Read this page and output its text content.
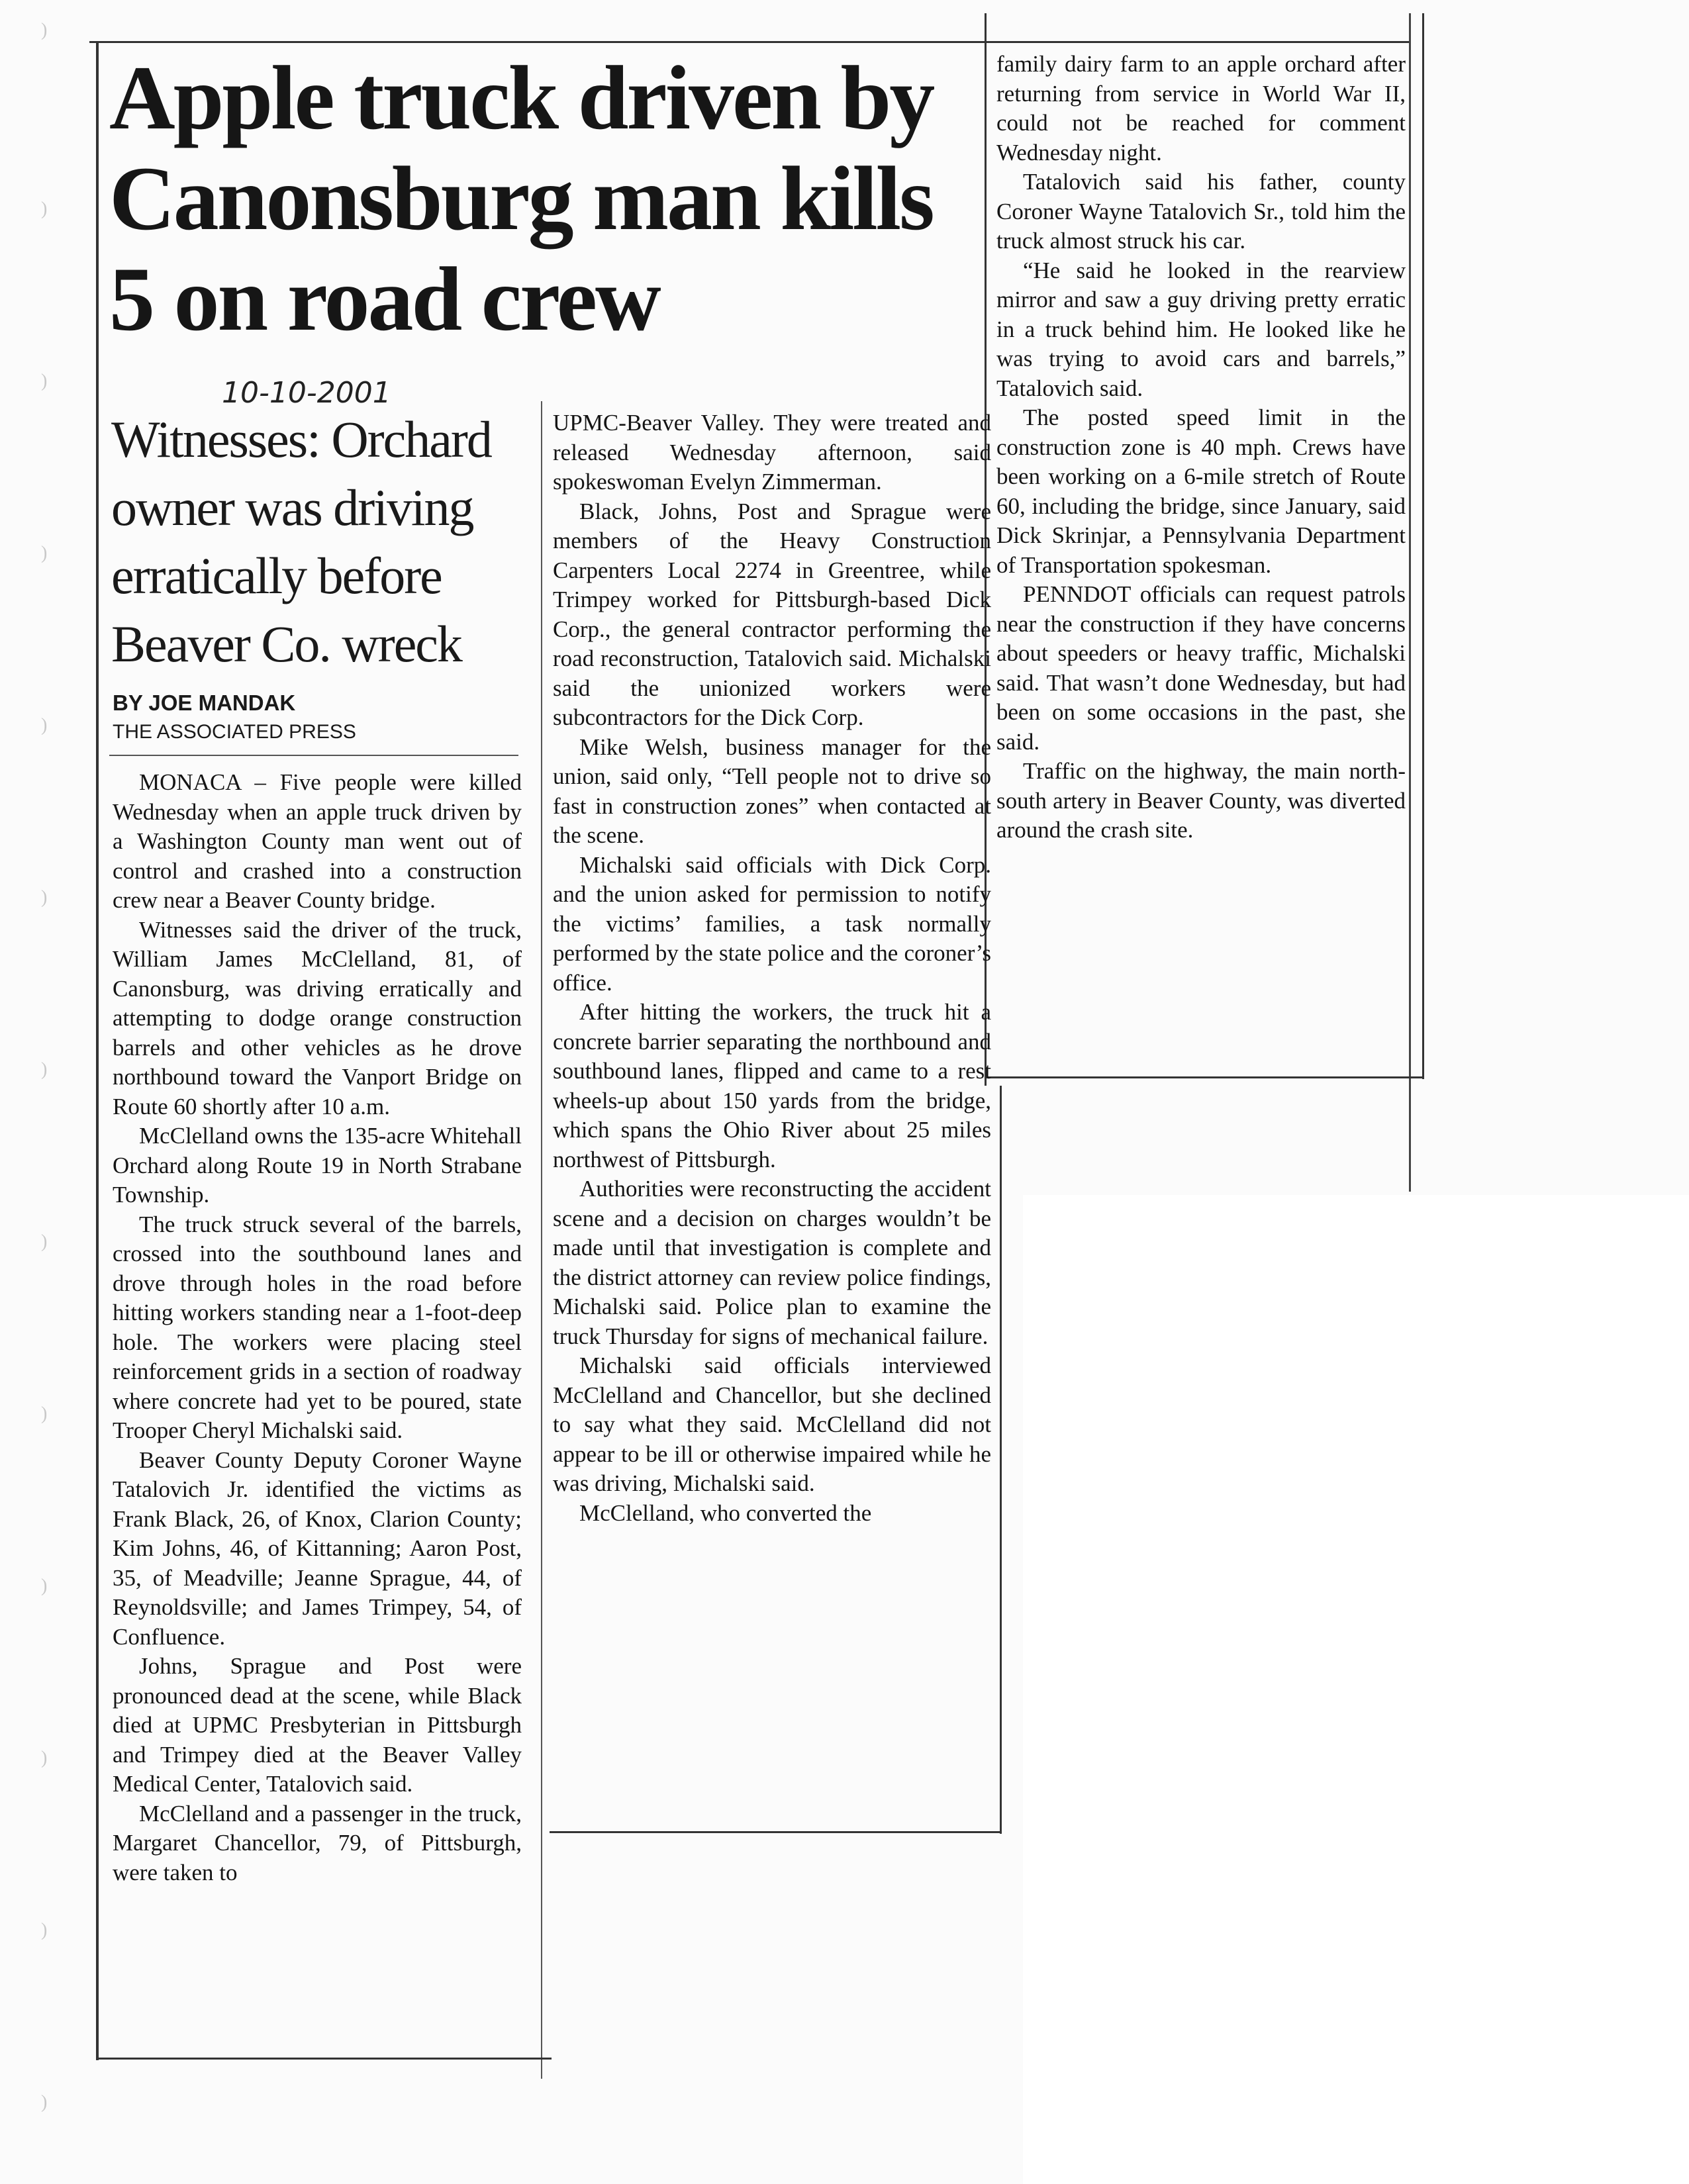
)
)
)
)
)
)
)
)
)
)
)
)
)
Apple truck driven by Canonsburg man kills 5 on road crew
10-10-2001
Witnesses: Orchard owner was driving erratically before Beaver Co. wreck
BY JOE MANDAK
THE ASSOCIATED PRESS

MONACA – Five people were killed Wednesday when an apple truck driven by a Washington County man went out of control and crashed into a construction crew near a Beaver County bridge.

Witnesses said the driver of the truck, William James McClelland, 81, of Canonsburg, was driving erratically and attempting to dodge orange construction barrels and other vehicles as he drove northbound toward the Vanport Bridge on Route 60 shortly after 10 a.m.

McClelland owns the 135-acre Whitehall Orchard along Route 19 in North Strabane Township.

The truck struck several of the barrels, crossed into the southbound lanes and drove through holes in the road before hitting workers standing near a 1-foot-deep hole. The workers were placing steel reinforcement grids in a section of roadway where concrete had yet to be poured, state Trooper Cheryl Michalski said.

Beaver County Deputy Coroner Wayne Tatalovich Jr. identified the victims as Frank Black, 26, of Knox, Clarion County; Kim Johns, 46, of Kittanning; Aaron Post, 35, of Meadville; Jeanne Sprague, 44, of Reynoldsville; and James Trimpey, 54, of Confluence.

Johns, Sprague and Post were pronounced dead at the scene, while Black died at UPMC Presbyterian in Pittsburgh and Trimpey died at the Beaver Valley Medical Center, Tatalovich said.

McClelland and a passenger in the truck, Margaret Chancellor, 79, of Pittsburgh, were taken to

UPMC-Beaver Valley. They were treated and released Wednesday afternoon, said spokeswoman Evelyn Zimmerman.

Black, Johns, Post and Sprague were members of the Heavy Construction Carpenters Local 2274 in Greentree, while Trimpey worked for Pittsburgh-based Dick Corp., the general contractor performing the road reconstruction, Tatalovich said. Michalski said the unionized workers were subcontractors for the Dick Corp.

Mike Welsh, business manager for the union, said only, “Tell people not to drive so fast in construction zones” when contacted at the scene.

Michalski said officials with Dick Corp. and the union asked for permission to notify the victims’ families, a task normally performed by the state police and the coroner’s office.

After hitting the workers, the truck hit a concrete barrier separating the northbound and southbound lanes, flipped and came to a rest wheels-up about 150 yards from the bridge, which spans the Ohio River about 25 miles northwest of Pittsburgh.

Authorities were reconstructing the accident scene and a decision on charges wouldn’t be made until that investigation is complete and the district attorney can review police findings, Michalski said. Police plan to examine the truck Thursday for signs of mechanical failure.

Michalski said officials interviewed McClelland and Chancellor, but she declined to say what they said. McClelland did not appear to be ill or otherwise impaired while he was driving, Michalski said.

McClelland, who converted the

family dairy farm to an apple orchard after returning from service in World War II, could not be reached for comment Wednesday night.

Tatalovich said his father, county Coroner Wayne Tatalovich Sr., told him the truck almost struck his car.

“He said he looked in the rearview mirror and saw a guy driving pretty erratic in a truck behind him. He looked like he was trying to avoid cars and barrels,” Tatalovich said.

The posted speed limit in the construction zone is 40 mph. Crews have been working on a 6-mile stretch of Route 60, including the bridge, since January, said Dick Skrinjar, a Pennsylvania Department of Transportation spokesman.

PENNDOT officials can request patrols near the construction if they have concerns about speeders or heavy traffic, Michalski said. That wasn’t done Wednesday, but had been on some occasions in the past, she said.

Traffic on the highway, the main north-south artery in Beaver County, was diverted around the crash site.
